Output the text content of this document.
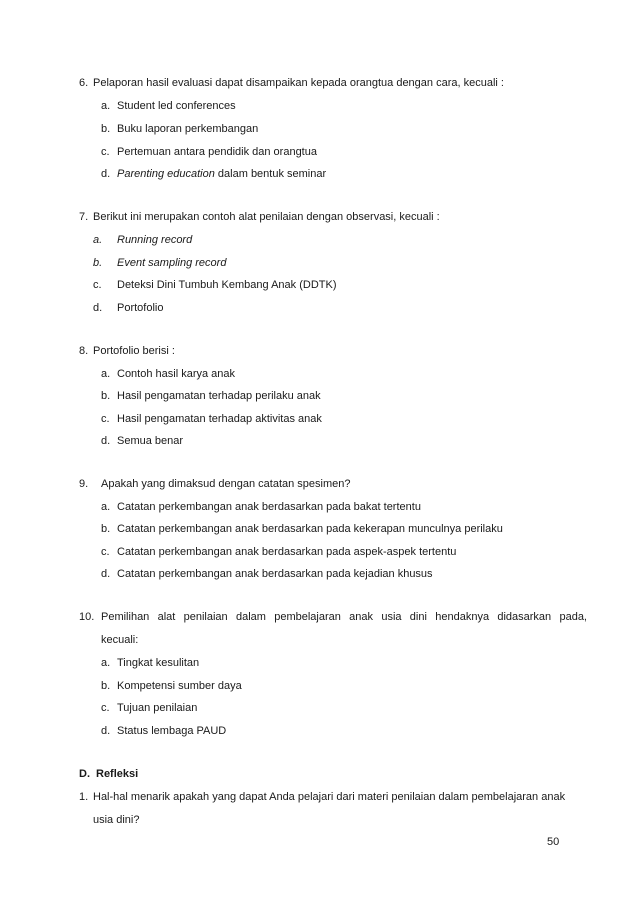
6. Pelaporan hasil evaluasi dapat disampaikan kepada orangtua dengan cara, kecuali :
a. Student led conferences
b. Buku laporan perkembangan
c. Pertemuan antara pendidik dan orangtua
d. Parenting education dalam bentuk seminar
7. Berikut ini merupakan contoh alat penilaian dengan observasi, kecuali :
a. Running record
b. Event sampling record
c. Deteksi Dini Tumbuh Kembang Anak (DDTK)
d. Portofolio
8. Portofolio berisi :
a. Contoh hasil karya anak
b. Hasil pengamatan terhadap perilaku anak
c. Hasil pengamatan terhadap aktivitas anak
d. Semua benar
9. Apakah yang dimaksud dengan catatan spesimen?
a. Catatan perkembangan anak berdasarkan pada bakat tertentu
b. Catatan perkembangan anak berdasarkan pada kekerapan munculnya perilaku
c. Catatan perkembangan anak berdasarkan pada aspek-aspek tertentu
d. Catatan perkembangan anak berdasarkan pada kejadian khusus
10. Pemilihan alat penilaian dalam pembelajaran anak usia dini hendaknya didasarkan pada,
kecuali:
a. Tingkat kesulitan
b. Kompetensi sumber daya
c. Tujuan penilaian
d. Status lembaga PAUD
D. Refleksi
1. Hal-hal menarik apakah yang dapat Anda pelajari dari materi penilaian dalam pembelajaran anak
usia dini?
50
